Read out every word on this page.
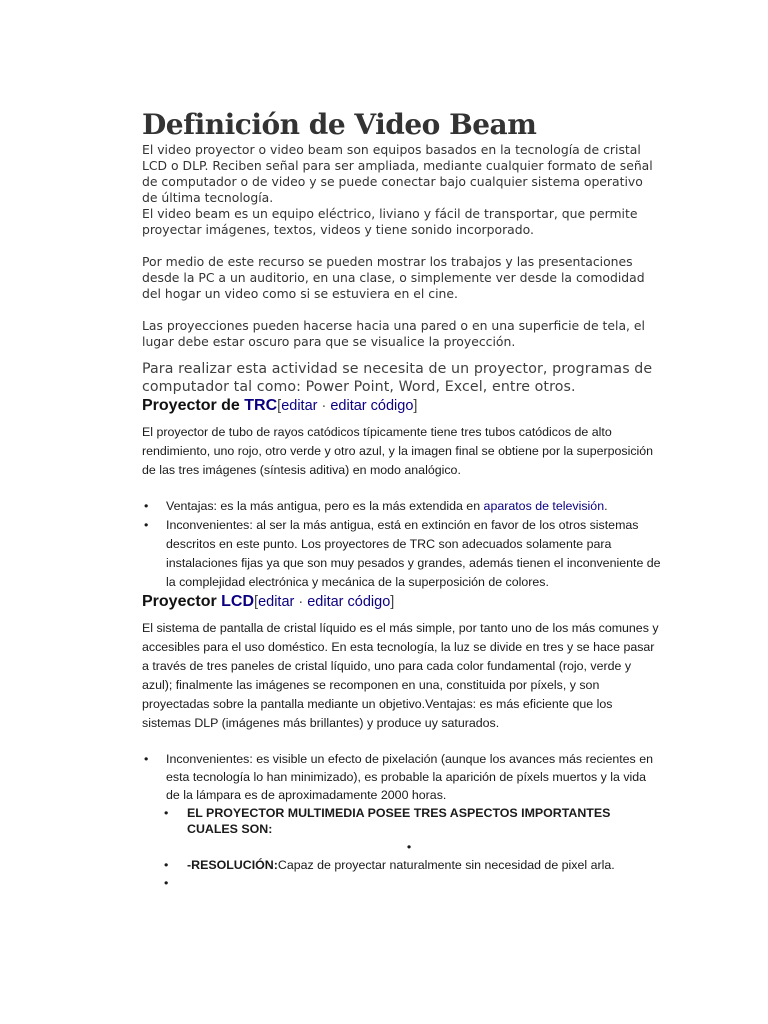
Definición de Video Beam

El video proyector o video beam son equipos basados en la tecnología de cristal LCD o DLP. Reciben señal para ser ampliada, mediante cualquier formato de señal de computador o de video y se puede conectar bajo cualquier sistema operativo de última tecnología.

El video beam es un equipo eléctrico, liviano y fácil de transportar, que permite proyectar imágenes, textos, videos y tiene sonido incorporado.

Por medio de este recurso se pueden mostrar los trabajos y las presentaciones desde la PC a un auditorio, en una clase, o simplemente ver desde la comodidad del hogar un video como si se estuviera en el cine.

Las proyecciones pueden hacerse hacia una pared o en una superficie de tela, el lugar debe estar oscuro para que se visualice la proyección.

Para realizar esta actividad se necesita de un proyector, programas de computador tal como: Power Point, Word, Excel, entre otros.

Proyector de TRC[editar · editar código]

El proyector de tubo de rayos catódicos típicamente tiene tres tubos catódicos de alto rendimiento, uno rojo, otro verde y otro azul, y la imagen final se obtiene por la superposición de las tres imágenes (síntesis aditiva) en modo analógico.

• Ventajas: es la más antigua, pero es la más extendida en aparatos de televisión.
• Inconvenientes: al ser la más antigua, está en extinción en favor de los otros sistemas descritos en este punto. Los proyectores de TRC son adecuados solamente para instalaciones fijas ya que son muy pesados y grandes, además tienen el inconveniente de la complejidad electrónica y mecánica de la superposición de colores.
Proyector LCD[editar · editar código]

El sistema de pantalla de cristal líquido es el más simple, por tanto uno de los más comunes y accesibles para el uso doméstico. En esta tecnología, la luz se divide en tres y se hace pasar a través de tres paneles de cristal líquido, uno para cada color fundamental (rojo, verde y azul); finalmente las imágenes se recomponen en una, constituida por píxels, y son proyectadas sobre la pantalla mediante un objetivo.Ventajas: es más eficiente que los sistemas DLP (imágenes más brillantes) y produce uy saturados.

• Inconvenientes: es visible un efecto de pixelación (aunque los avances más recientes en esta tecnología lo han minimizado), es probable la aparición de píxels muertos y la vida de la lámpara es de aproximadamente 2000 horas.
• EL PROYECTOR MULTIMEDIA POSEE TRES ASPECTOS IMPORTANTES CUALES SON:
•
• -RESOLUCIÓN:Capaz de proyectar naturalmente sin necesidad de pixel arla.
•
